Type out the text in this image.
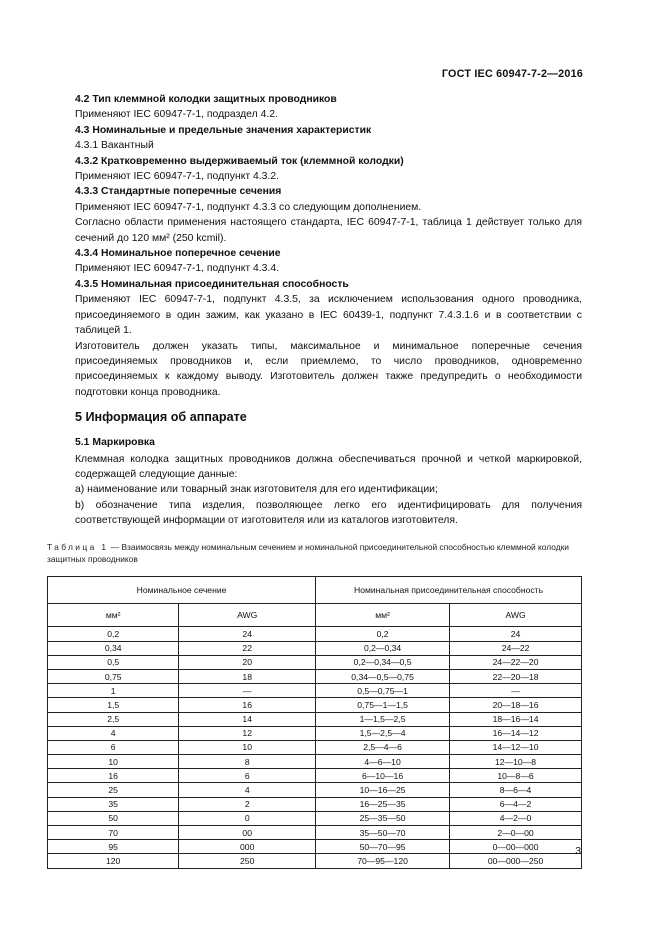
ГОСТ IEC 60947-7-2—2016

4.2 Тип клеммной колодки защитных проводников

Применяют IEC 60947-7-1, подраздел 4.2.

4.3 Номинальные и предельные значения характеристик

4.3.1 Вакантный

4.3.2 Кратковременно выдерживаемый ток (клеммной колодки)

Применяют IEC 60947-7-1, подпункт 4.3.2.

4.3.3 Стандартные поперечные сечения

Применяют IEC 60947-7-1, подпункт 4.3.3 со следующим дополнением.

Согласно области применения настоящего стандарта, IEC 60947-7-1, таблица 1 действует только для сечений до 120 мм² (250 kcmil).

4.3.4 Номинальное поперечное сечение

Применяют IEC 60947-7-1, подпункт 4.3.4.

4.3.5 Номинальная присоединительная способность

Применяют IEC 60947-7-1, подпункт 4.3.5, за исключением использования одного проводника, присоединяемого в один зажим, как указано в IEC 60439-1, подпункт 7.4.3.1.6 и в соответствии с таблицей 1.

Изготовитель должен указать типы, максимальное и минимальное поперечные сечения присоединяемых проводников и, если приемлемо, то число проводников, одновременно присоединяемых к каждому выводу. Изготовитель должен также предупредить о необходимости подготовки конца проводника.

5 Информация об аппарате

5.1 Маркировка

Клеммная колодка защитных проводников должна обеспечиваться прочной и четкой маркировкой, содержащей следующие данные:

a) наименование или товарный знак изготовителя для его идентификации;

b) обозначение типа изделия, позволяющее легко его идентифицировать для получения соответствующей информации от изготовителя или из каталогов изготовителя.

Таблица 1 — Взаимосвязь между номинальным сечением и номинальной присоединительной способностью клеммной колодки защитных проводников

Номинальное сечение		Номинальная присоединительная способность	
мм²	AWG	мм²	AWG
0,2	24	0,2	24
0,34	22	0,2—0,34	24—22
0,5	20	0,2—0,34—0,5	24—22—20
0,75	18	0,34—0,5—0,75	22—20—18
1	—	0,5—0,75—1	—
1,5	16	0,75—1—1,5	20—18—16
2,5	14	1—1,5—2,5	18—16—14
4	12	1,5—2,5—4	16—14—12
6	10	2,5—4—6	14—12—10
10	8	4—6—10	12—10—8
16	6	6—10—16	10—8—6
25	4	10—16—25	8—6—4
35	2	16—25—35	6—4—2
50	0	25—35—50	4—2—0
70	00	35—50—70	2—0—00
95	000	50—70—95	0—00—000
120	250	70—95—120	00—000—250
3
